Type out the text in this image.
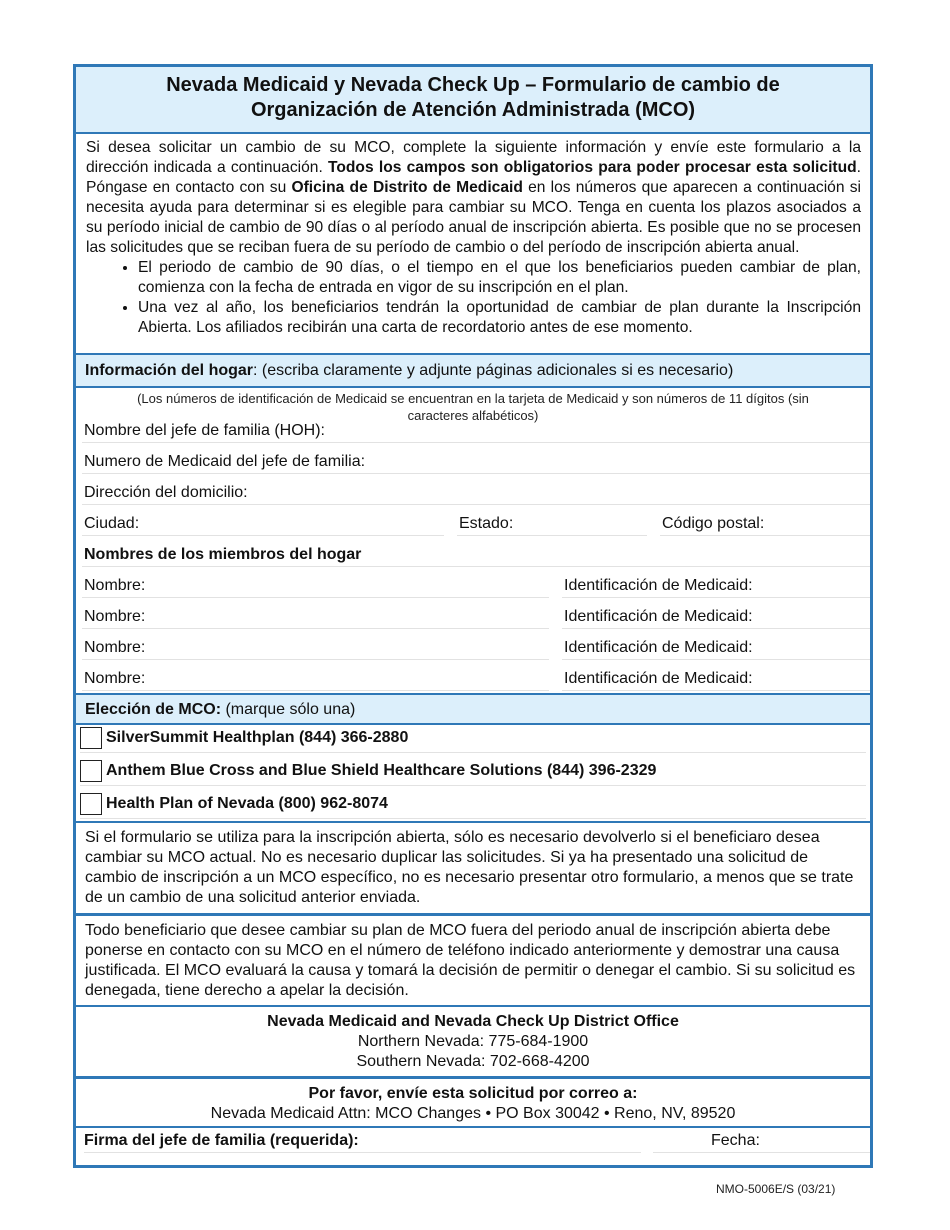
Nevada Medicaid y Nevada Check Up – Formulario de cambio de
Organización de Atención Administrada (MCO)

Si desea solicitar un cambio de su MCO, complete la siguiente información y envíe este formulario a la dirección indicada a continuación. Todos los campos son obligatorios para poder procesar esta solicitud. Póngase en contacto con su Oficina de Distrito de Medicaid en los números que aparecen a continuación si necesita ayuda para determinar si es elegible para cambiar su MCO. Tenga en cuenta los plazos asociados a su período inicial de cambio de 90 días o al período anual de inscripción abierta. Es posible que no se procesen las solicitudes que se reciban fuera de su período de cambio o del período de inscripción abierta anual.

• El periodo de cambio de 90 días, o el tiempo en el que los beneficiarios pueden cambiar de plan, comienza con la fecha de entrada en vigor de su inscripción en el plan.
• Una vez al año, los beneficiarios tendrán la oportunidad de cambiar de plan durante la Inscripción Abierta. Los afiliados recibirán una carta de recordatorio antes de ese momento.
Información del hogar: (escriba claramente y adjunte páginas adicionales si es necesario)
(Los números de identificación de Medicaid se encuentran en la tarjeta de Medicaid y son números de 11 dígitos (sin caracteres alfabéticos)
Nombre del jefe de familia (HOH):
Numero de Medicaid del jefe de familia:
Dirección del domicilio:
Ciudad:	Estado:	Código postal:
Nombres de los miembros del hogar
Nombre:	Identificación de Medicaid:
Nombre:	Identificación de Medicaid:
Nombre:	Identificación de Medicaid:
Nombre:	Identificación de Medicaid:
Elección de MCO: (marque sólo una)
SilverSummit Healthplan (844) 366-2880
Anthem Blue Cross and Blue Shield Healthcare Solutions (844) 396-2329
Health Plan of Nevada (800) 962-8074
Si el formulario se utiliza para la inscripción abierta, sólo es necesario devolverlo si el beneficiaro desea cambiar su MCO actual. No es necesario duplicar las solicitudes. Si ya ha presentado una solicitud de cambio de inscripción a un MCO específico, no es necesario presentar otro formulario, a menos que se trate de un cambio de una solicitud anterior enviada.
Todo beneficiario que desee cambiar su plan de MCO fuera del periodo anual de inscripción abierta debe ponerse en contacto con su MCO en el número de teléfono indicado anteriormente y demostrar una causa justificada. El MCO evaluará la causa y tomará la decisión de permitir o denegar el cambio. Si su solicitud es denegada, tiene derecho a apelar la decisión.
Nevada Medicaid and Nevada Check Up District Office
Northern Nevada: 775-684-1900
Southern Nevada: 702-668-4200
Por favor, envíe esta solicitud por correo a:
Nevada Medicaid Attn: MCO Changes • PO Box 30042 • Reno, NV, 89520
Firma del jefe de familia (requerida):	Fecha:
NMO-5006E/S (03/21)
